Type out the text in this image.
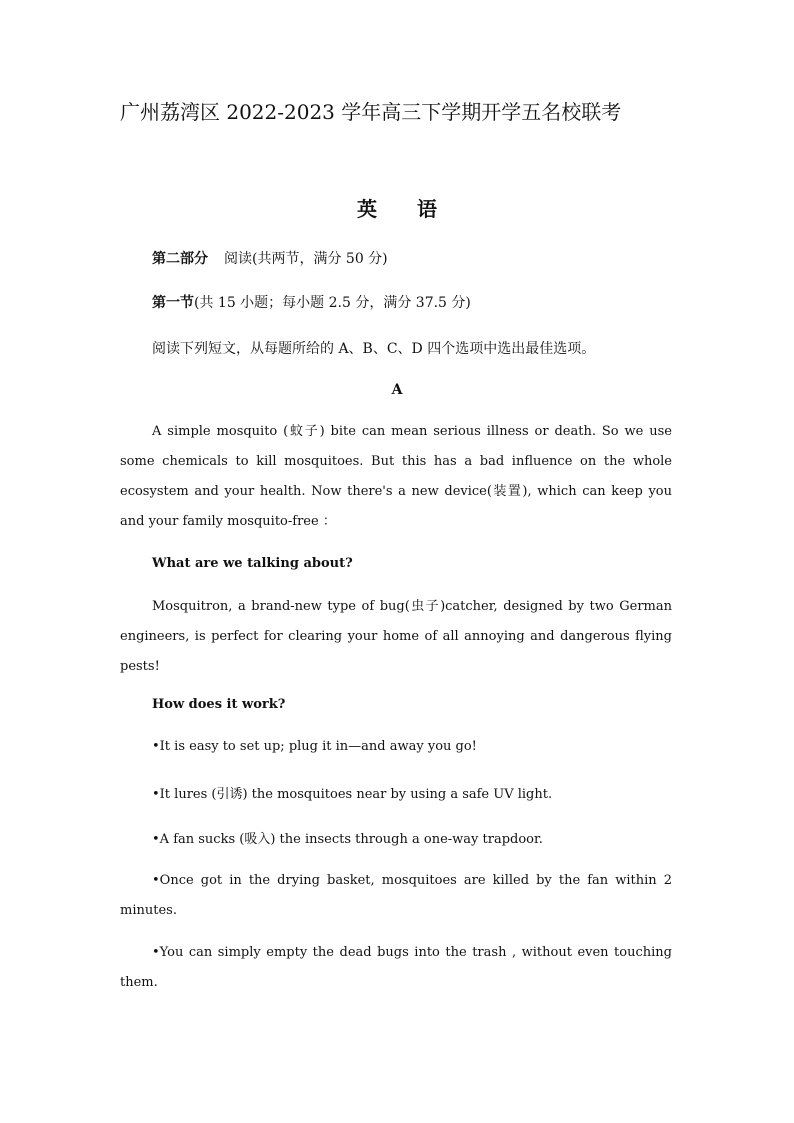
广州荔湾区 2022-2023 学年高三下学期开学五名校联考
英 语
第二部分 阅读(共两节，满分 50 分)
第一节(共 15 小题；每小题 2.5 分，满分 37.5 分)
阅读下列短文，从每题所给的 A、B、C、D 四个选项中选出最佳选项。
A
A simple mosquito (蚊子) bite can mean serious illness or death. So we use some chemicals to kill mosquitoes. But this has a bad influence on the whole ecosystem and your health. Now there's a new device(装置), which can keep you and your family mosquito-free ：
What are we talking about?
Mosquitron, a brand-new type of bug(虫子)catcher, designed by two German engineers, is perfect for clearing your home of all annoying and dangerous flying pests!
How does it work?
•It is easy to set up; plug it in—and away you go!
•It lures (引诱) the mosquitoes near by using a safe UV light.
•A fan sucks (吸入) the insects through a one-way trapdoor.
•Once got in the drying basket, mosquitoes are killed by the fan within 2 minutes.
•You can simply empty the dead bugs into the trash , without even touching them.
